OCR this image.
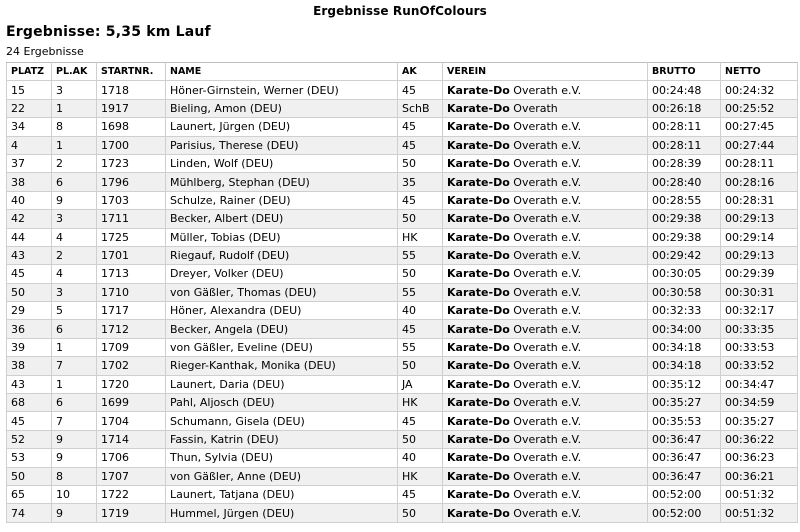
Ergebnisse RunOfColours
Ergebnisse: 5,35 km Lauf
24 Ergebnisse
PLATZ	PL.AK	STARTNR.	NAME	AK	VEREIN	BRUTTO	NETTO
15	3	1718	Höner-Girnstein, Werner (DEU)	45	Karate-Do Overath e.V.	00:24:48	00:24:32
22	1	1917	Bieling, Amon (DEU)	SchB	Karate-Do Overath	00:26:18	00:25:52
34	8	1698	Launert, Jürgen (DEU)	45	Karate-Do Overath e.V.	00:28:11	00:27:45
4	1	1700	Parisius, Therese (DEU)	45	Karate-Do Overath e.V.	00:28:11	00:27:44
37	2	1723	Linden, Wolf (DEU)	50	Karate-Do Overath e.V.	00:28:39	00:28:11
38	6	1796	Mühlberg, Stephan (DEU)	35	Karate-Do Overath e.V.	00:28:40	00:28:16
40	9	1703	Schulze, Rainer (DEU)	45	Karate-Do Overath e.V.	00:28:55	00:28:31
42	3	1711	Becker, Albert (DEU)	50	Karate-Do Overath e.V.	00:29:38	00:29:13
44	4	1725	Müller, Tobias (DEU)	HK	Karate-Do Overath e.V.	00:29:38	00:29:14
43	2	1701	Riegauf, Rudolf (DEU)	55	Karate-Do Overath e.V.	00:29:42	00:29:13
45	4	1713	Dreyer, Volker (DEU)	50	Karate-Do Overath e.V.	00:30:05	00:29:39
50	3	1710	von Gäßler, Thomas (DEU)	55	Karate-Do Overath e.V.	00:30:58	00:30:31
29	5	1717	Höner, Alexandra (DEU)	40	Karate-Do Overath e.V.	00:32:33	00:32:17
36	6	1712	Becker, Angela (DEU)	45	Karate-Do Overath e.V.	00:34:00	00:33:35
39	1	1709	von Gäßler, Eveline (DEU)	55	Karate-Do Overath e.V.	00:34:18	00:33:53
38	7	1702	Rieger-Kanthak, Monika (DEU)	50	Karate-Do Overath e.V.	00:34:18	00:33:52
43	1	1720	Launert, Daria (DEU)	JA	Karate-Do Overath e.V.	00:35:12	00:34:47
68	6	1699	Pahl, Aljosch (DEU)	HK	Karate-Do Overath e.V.	00:35:27	00:34:59
45	7	1704	Schumann, Gisela (DEU)	45	Karate-Do Overath e.V.	00:35:53	00:35:27
52	9	1714	Fassin, Katrin (DEU)	50	Karate-Do Overath e.V.	00:36:47	00:36:22
53	9	1706	Thun, Sylvia (DEU)	40	Karate-Do Overath e.V.	00:36:47	00:36:23
50	8	1707	von Gäßler, Anne (DEU)	HK	Karate-Do Overath e.V.	00:36:47	00:36:21
65	10	1722	Launert, Tatjana (DEU)	45	Karate-Do Overath e.V.	00:52:00	00:51:32
74	9	1719	Hummel, Jürgen (DEU)	50	Karate-Do Overath e.V.	00:52:00	00:51:32
